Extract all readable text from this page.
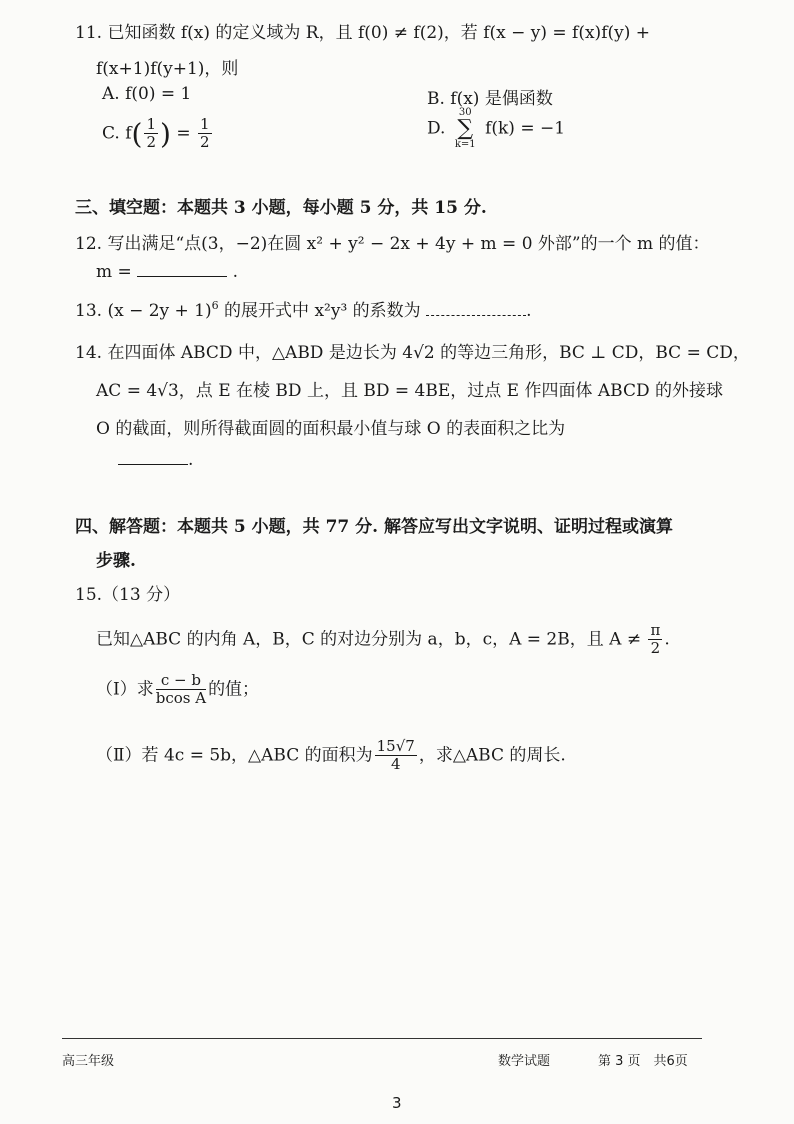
11. 已知函数 f(x) 的定义域为 R，且 f(0) ≠ f(2)，若 f(x − y) = f(x)f(y) +
f(x+1)f(y+1)，则
A. f(0) = 1	B. f(x) 是偶函数
C. $f( \frac{1}{2}$ ) = $\frac{1}{2}$	D.
30
∑
k=1
f(k) = −1
三、填空题：本题共 3 小题，每小题 5 分，共 15 分.
12. 写出满足“点(3，−2)在圆 x² + y² − 2x + 4y + m = 0 外部”的一个 m 的值：
m =	.
13. $(x - 2y + 1)^6$ 的展开式中 x²y³ 的系数为	.
14. 在四面体 ABCD 中，△ABD 是边长为 4√2 的等边三角形，BC ⊥ CD，BC = CD，
AC = 4√3，点 E 在棱 BD 上，且 BD = 4BE，过点 E 作四面体 ABCD 的外接球
O 的截面，则所得截面圆的面积最小值与球 O 的表面积之比为
.
四、解答题：本题共 5 小题，共 77 分. 解答应写出文字说明、证明过程或演算
步骤.
15.（13 分）
已知△ABC 的内角 A，B，C 的对边分别为 a，b，c，A = 2B，且 $A \ne \frac{\pi}{2}$ .
（Ⅰ）求 $\frac{c - b}{\text{bcos A}}$ 的值；
（Ⅱ）若 4c = 5b，△ABC 的面积为 $\frac{15√7}{4}$ ，求△ABC 的周长.
高三年级	数学试题	第 3 页　共6页
3
